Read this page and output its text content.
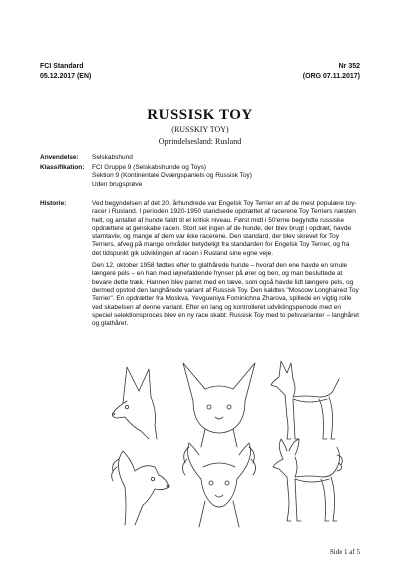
FCI Standard
05.12.2017 (EN)
Nr 352
(ORG 07.11.2017)
RUSSISK TOY
(RUSSKIY TOY)
Oprindelsesland: Rusland
Anvendelse:	Selskabshund
Klassifikation: FCI Gruppe 9 (Selskabshunde og Toys)
Sektion 9 (Kontinentale Dværgspaniels og Russisk Toy)
Uden brugsprøve
Historie:	Ved begyndelsen af det 20. århundrede var Engelsk Toy Terrier en af de mest populære toy-racer i Rusland. I perioden 1920-1950 standsede opdrættet af racerene Toy Terriers næsten helt, og antallet af hunde faldt til et kritisk niveau. Først midt i 50'erne begyndte russiske opdrættere at genskabe racen. Stort set ingen af de hunde, der blev brugt i opdræt, havde stamtavle, og mange af dem var ikke racerene. Den standard, der blev skrevet for Toy Terriers, afveg på mange områder betydeligt fra standarden for Engelsk Toy Terrier, og fra det tidspunkt gik udviklingen af racen i Rusland sine egne veje.

Den 12. oktober 1958 fødtes efter to glathårede hunde – hvoraf den ene havde en smule længere pels – en han med iøjnefaldende frynser på ører og ben, og man besluttede at bevare dette træk. Hannen blev parret med en tæve, som også havde lidt længere pels, og dermed opstod den langhårede variant af Russisk Toy. Den kaldtes "Moscow Longhaired Toy Terrier". En opdrætter fra Moskva, Yevgueniya Fominichna Zharova, spillede en vigtig rolle ved skabelsen af denne variant. Efter en lang og kontrolleret udviklingsperiode med en speciel selektionsproces blev en ny race skabt: Russisk Toy med to pelsvarianter – langhåret og glathåret.

Side 1 af 5
